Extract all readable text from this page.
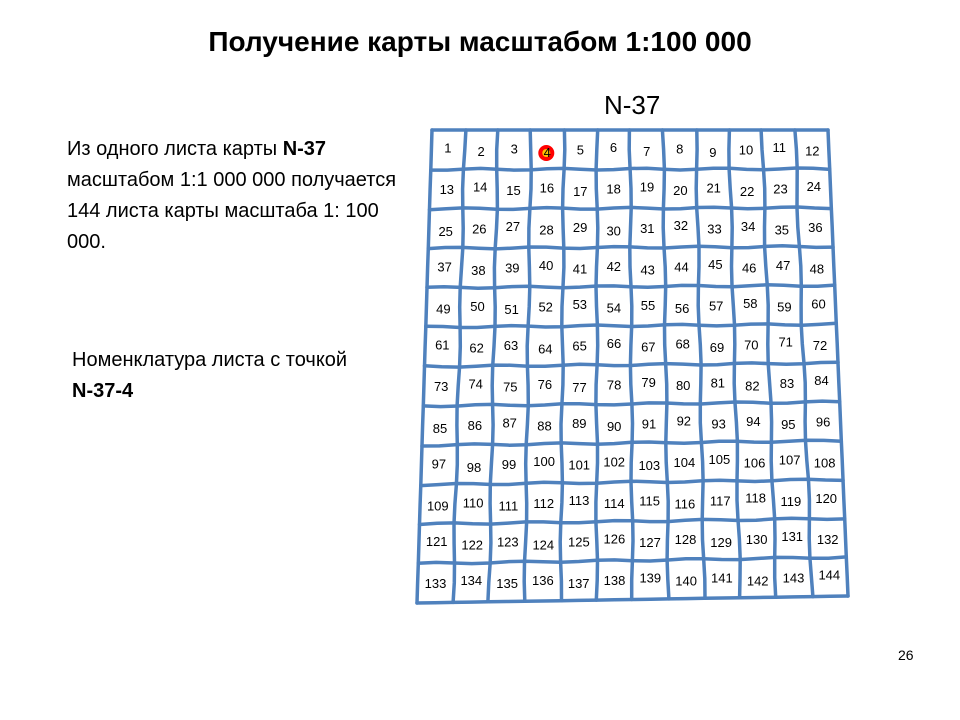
Получение карты масштабом 1:100 000
N-37
Из одного листа карты N-37 масштабом 1:1 000 000 получается 144 листа карты масштаба 1: 100 000.
Номенклатура листа с точкой N-37-4
1 2 3 4 5 6 7 8 9 10 11 12
13 14 15 16 17 18 19 20 21 22 23 24
25 26 27 28 29 30 31 32 33 34 35 36
37 38 39 40 41 42 43 44 45 46 47 48
49 50 51 52 53 54 55 56 57 58 59 60
61 62 63 64 65 66 67 68 69 70 71 72
73 74 75 76 77 78 79 80 81 82 83 84
85 86 87 88 89 90 91 92 93 94 95 96
97 98 99 100 101 102 103 104 105 106 107 108
109 110 111 112 113 114 115 116 117 118 119 120
121 122 123 124 125 126 127 128 129 130 131 132
133 134 135 136 137 138 139 140 141 142 143 144
26
